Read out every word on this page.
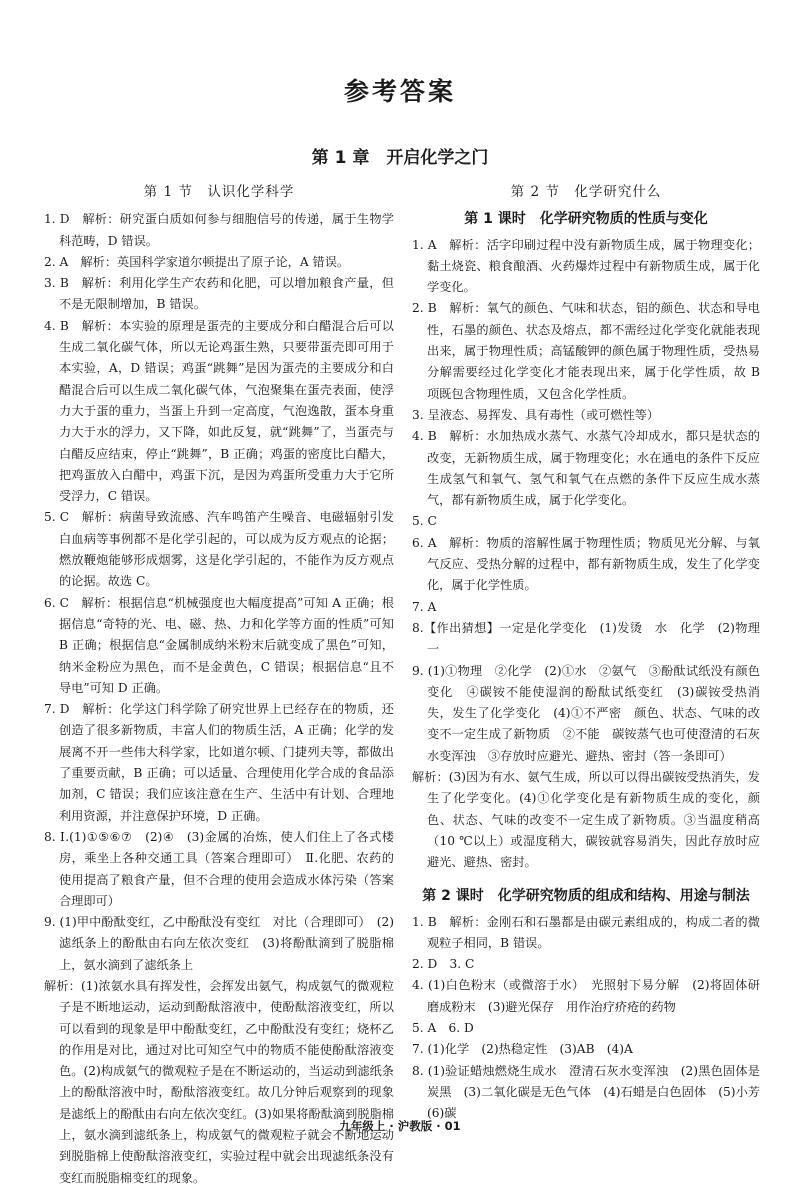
参考答案
第 1 章　开启化学之门
第 1 节　认识化学科学

1. D　解析：研究蛋白质如何参与细胞信号的传递，属于生物学科范畴，D 错误。

2. A　解析：英国科学家道尔顿提出了原子论，A 错误。

3. B　解析：利用化学生产农药和化肥，可以增加粮食产量，但不是无限制增加，B 错误。

4. B　解析：本实验的原理是蛋壳的主要成分和白醋混合后可以生成二氧化碳气体，所以无论鸡蛋生熟，只要带蛋壳即可用于本实验，A，D 错误；鸡蛋“跳舞”是因为蛋壳的主要成分和白醋混合后可以生成二氧化碳气体，气泡聚集在蛋壳表面，使浮力大于蛋的重力，当蛋上升到一定高度，气泡逸散，蛋本身重力大于水的浮力，又下降，如此反复，就“跳舞”了，当蛋壳与白醋反应结束，停止“跳舞”，B 正确；鸡蛋的密度比白醋大，把鸡蛋放入白醋中，鸡蛋下沉，是因为鸡蛋所受重力大于它所受浮力，C 错误。

5. C　解析：病菌导致流感、汽车鸣笛产生噪音、电磁辐射引发白血病等事例都不是化学引起的，可以成为反方观点的论据；燃放鞭炮能够形成烟雾，这是化学引起的，不能作为反方观点的论据。故选 C。

6. C　解析：根据信息“机械强度也大幅度提高”可知 A 正确；根据信息“奇特的光、电、磁、热、力和化学等方面的性质”可知 B 正确；根据信息“金属制成纳米粉末后就变成了黑色”可知，纳米金粉应为黑色，而不是金黄色，C 错误；根据信息“且不导电”可知 D 正确。

7. D　解析：化学这门科学除了研究世界上已经存在的物质，还创造了很多新物质，丰富人们的物质生活，A 正确；化学的发展离不开一些伟大科学家，比如道尔顿、门捷列夫等，都做出了重要贡献，B 正确；可以适量、合理使用化学合成的食品添加剂，C 错误；我们应该注意在生产、生活中有计划、合理地利用资源，并注意保护环境，D 正确。

8. Ⅰ.(1)①⑤⑥⑦　(2)④　(3)金属的冶炼，使人们住上了各式楼房，乘坐上各种交通工具（答案合理即可）　Ⅱ.化肥、农药的使用提高了粮食产量，但不合理的使用会造成水体污染（答案合理即可）

9. (1)甲中酚酞变红，乙中酚酞没有变红　对比（合理即可）　(2)滤纸条上的酚酞由右向左依次变红　(3)将酚酞滴到了脱脂棉上，氨水滴到了滤纸条上

解析：(1)浓氨水具有挥发性，会挥发出氨气，构成氨气的微观粒子是不断地运动，运动到酚酞溶液中，使酚酞溶液变红，所以可以看到的现象是甲中酚酞变红，乙中酚酞没有变红；烧杯乙的作用是对比，通过对比可知空气中的物质不能使酚酞溶液变色。(2)构成氨气的微观粒子是在不断运动的，当运动到滤纸条上的酚酞溶液中时，酚酞溶液变红。故几分钟后观察到的现象是滤纸上的酚酞由右向左依次变红。(3)如果将酚酞滴到脱脂棉上，氨水滴到滤纸条上，构成氨气的微观粒子就会不断地运动到脱脂棉上使酚酞溶液变红，实验过程中就会出现滤纸条没有变红而脱脂棉变红的现象。

第 2 节　化学研究什么
第 1 课时　化学研究物质的性质与变化

1. A　解析：活字印刷过程中没有新物质生成，属于物理变化；黏土烧瓷、粮食酿酒、火药爆炸过程中有新物质生成，属于化学变化。

2. B　解析：氧气的颜色、气味和状态，铝的颜色、状态和导电性，石墨的颜色、状态及熔点，都不需经过化学变化就能表现出来，属于物理性质；高锰酸钾的颜色属于物理性质，受热易分解需要经过化学变化才能表现出来，属于化学性质，故 B 项既包含物理性质，又包含化学性质。

3. 呈液态、易挥发、具有毒性（或可燃性等）

4. B　解析：水加热成水蒸气、水蒸气冷却成水，都只是状态的改变，无新物质生成，属于物理变化；水在通电的条件下反应生成氢气和氧气、氢气和氧气在点燃的条件下反应生成水蒸气，都有新物质生成，属于化学变化。

5. C

6. A　解析：物质的溶解性属于物理性质；物质见光分解、与氧气反应、受热分解的过程中，都有新物质生成，发生了化学变化，属于化学性质。

7. A

8.【作出猜想】一定是化学变化　(1)发烫　水　化学　(2)物理　一

9. (1)①物理　②化学　(2)①水　②氨气　③酚酞试纸没有颜色变化　④碳铵不能使湿润的酚酞试纸变红　(3)碳铵受热消失，发生了化学变化　(4)①不严密　颜色、状态、气味的改变不一定生成了新物质　②不能　碳铵蒸气也可使澄清的石灰水变浑浊　③存放时应避光、避热、密封（答一条即可）

解析：(3)因为有水、氨气生成，所以可以得出碳铵受热消失，发生了化学变化。(4)①化学变化是有新物质生成的变化，颜色、状态、气味的改变不一定生成了新物质。③当温度稍高（10 ℃以上）或湿度稍大，碳铵就容易消失，因此存放时应避光、避热、密封。

第 2 课时　化学研究物质的组成和结构、用途与制法

1. B　解析：金刚石和石墨都是由碳元素组成的，构成二者的微观粒子相同，B 错误。

2. D　3. C

4. (1)白色粉末（或微溶于水）　光照射下易分解　(2)将固体研磨成粉末　(3)避光保存　用作治疗疥疮的药物

5. A　6. D

7. (1)化学　(2)热稳定性　(3)AB　(4)A

8. (1)验证蜡烛燃烧生成水　澄清石灰水变浑浊　(2)黑色固体是炭黑　(3)二氧化碳是无色气体　(4)石蜡是白色固体　(5)小芳　(6)碳

九年级上 · 沪教版 · 01
